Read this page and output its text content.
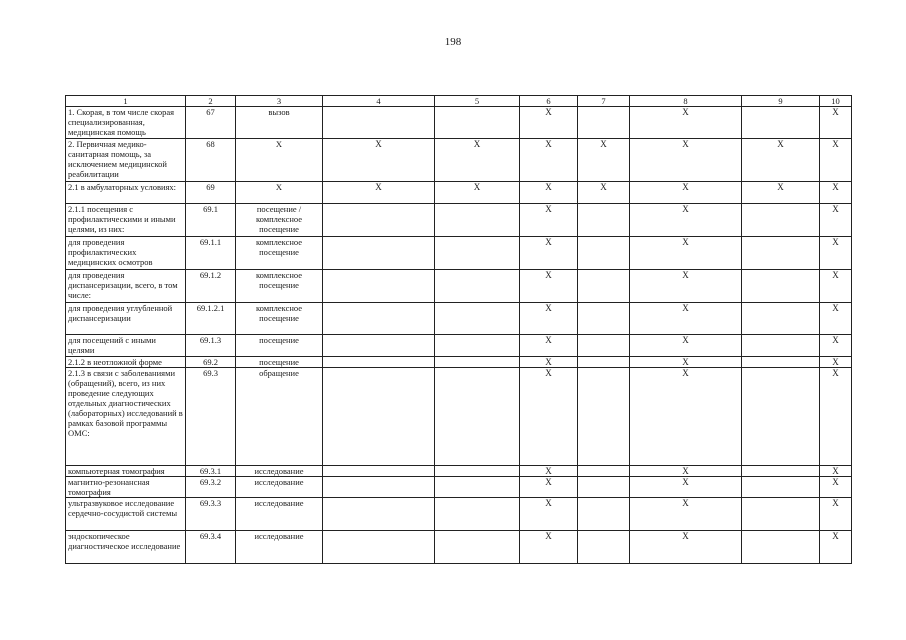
198
1	2	3	4	5	6	7	8	9	10
1. Скорая, в том числе скорая специализированная, медицинская помощь	67	вызов			X		X		X
2. Первичная медико-санитарная помощь, за исключением медицинской реабилитации	68	X	X	X	X	X	X	X	X
2.1 в амбулаторных условиях:	69	X	X	X	X	X	X	X	X
2.1.1 посещения с профилактическими и иными целями, из них:	69.1	посещение / комплексное посещение			X		X		X
для проведения профилактических медицинских осмотров	69.1.1	комплексное посещение			X		X		X
для проведения диспансеризации, всего, в том числе:	69.1.2	комплексное посещение			X		X		X
для проведения углубленной диспансеризации	69.1.2.1	комплексное посещение			X		X		X
для посещений с иными целями	69.1.3	посещение			X		X		X
2.1.2 в неотложной форме	69.2	посещение			X		X		X
2.1.3 в связи с заболеваниями (обращений), всего, из них проведение следующих отдельных диагностических (лабораторных) исследований в рамках базовой программы ОМС:	69.3	обращение			X		X		X
компьютерная томография	69.3.1	исследование			X		X		X
магнитно-резонансная томография	69.3.2	исследование			X		X		X
ультразвуковое исследование сердечно-сосудистой системы	69.3.3	исследование			X		X		X
эндоскопическое диагностическое исследование	69.3.4	исследование			X		X		X
